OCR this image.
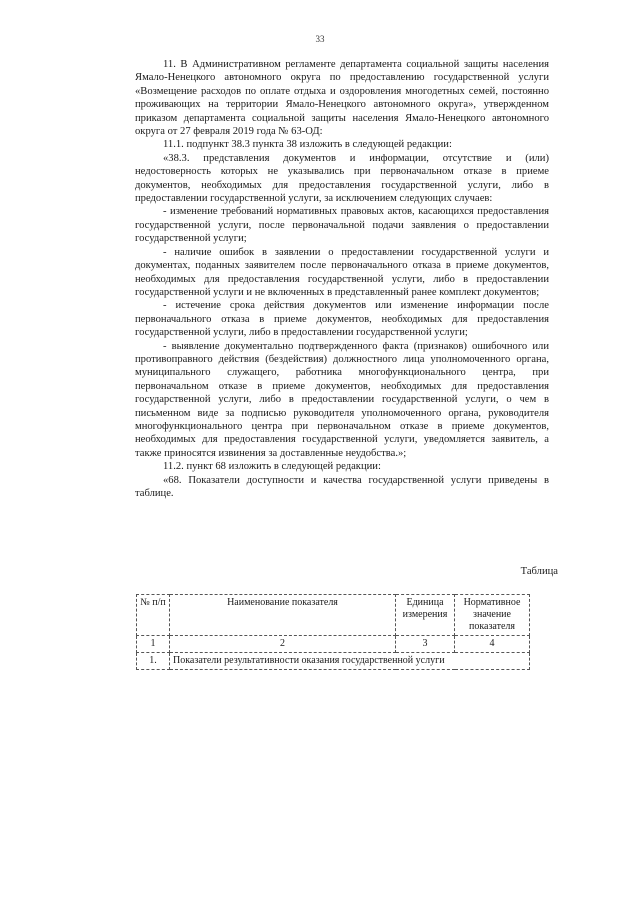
33

11. В Административном регламенте департамента социальной защиты населения Ямало-Ненецкого автономного округа по предоставлению государственной услуги «Возмещение расходов по оплате отдыха и оздоровления многодетных семей, постоянно проживающих на территории Ямало-Ненецкого автономного округа», утвержденном приказом департамента социальной защиты населения Ямало-Ненецкого автономного округа от 27 февраля 2019 года № 63-ОД:

11.1. подпункт 38.3 пункта 38 изложить в следующей редакции:

«38.3. представления документов и информации, отсутствие и (или) недостоверность которых не указывались при первоначальном отказе в приеме документов, необходимых для предоставления государственной услуги, либо в предоставлении государственной услуги, за исключением следующих случаев:

- изменение требований нормативных правовых актов, касающихся предоставления государственной услуги, после первоначальной подачи заявления о предоставлении государственной услуги;

- наличие ошибок в заявлении о предоставлении государственной услуги и документах, поданных заявителем после первоначального отказа в приеме документов, необходимых для предоставления государственной услуги, либо в предоставлении государственной услуги и не включенных в представленный ранее комплект документов;

- истечение срока действия документов или изменение информации после первоначального отказа в приеме документов, необходимых для предоставления государственной услуги, либо в предоставлении государственной услуги;

- выявление документально подтвержденного факта (признаков) ошибочного или противоправного действия (бездействия) должностного лица уполномоченного органа, муниципального служащего, работника многофункционального центра, при первоначальном отказе в приеме документов, необходимых для предоставления государственной услуги, либо в предоставлении государственной услуги, о чем в письменном виде за подписью руководителя уполномоченного органа, руководителя многофункционального центра при первоначальном отказе в приеме документов, необходимых для предоставления государственной услуги, уведомляется заявитель, а также приносятся извинения за доставленные неудобства.»;

11.2. пункт 68 изложить в следующей редакции:

«68. Показатели доступности и качества государственной услуги приведены в таблице.

Таблица
№ п/п	Наименование показателя	Единица измерения	Нормативное значение показателя
1	2	3	4
1.	Показатели результативности оказания государственной услуги		
